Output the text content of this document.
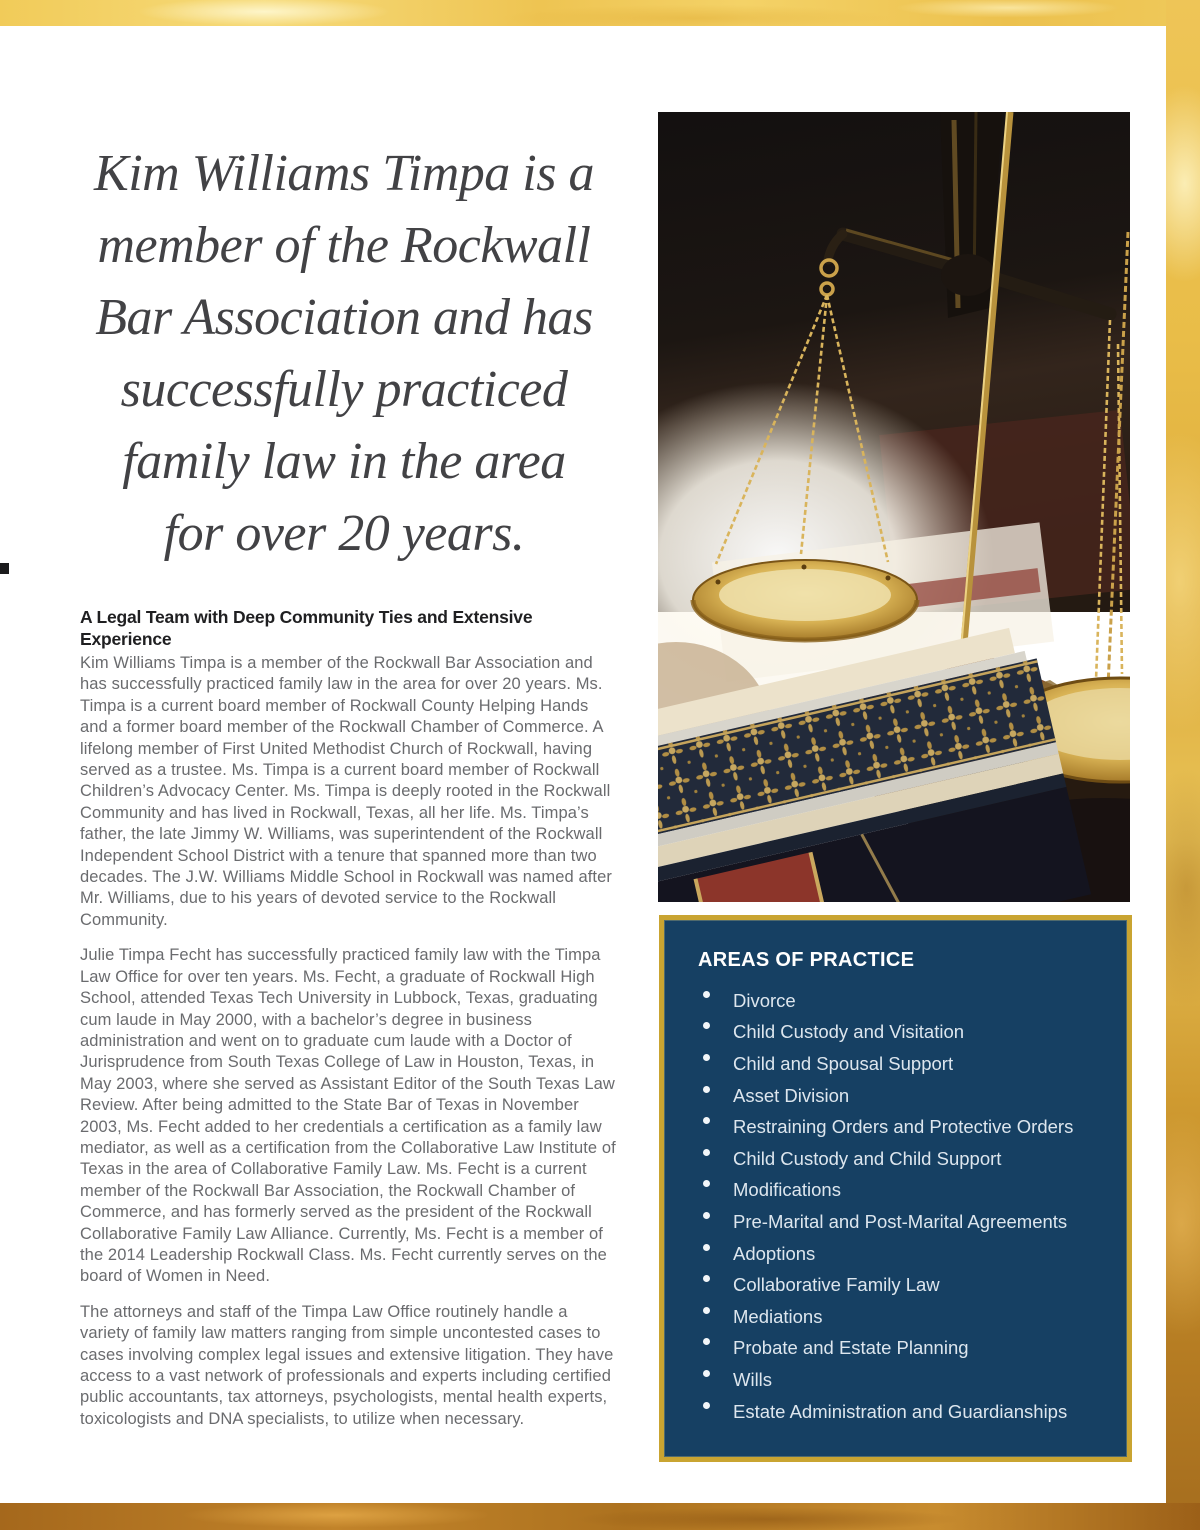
Kim Williams Timpa is a
member of the Rockwall
Bar Association and has
successfully practiced
family law in the area
for over 20 years.
A Legal Team with Deep Community Ties and Extensive Experience

Kim Williams Timpa is a member of the Rockwall Bar Association and has successfully practiced family law in the area for over 20 years. Ms. Timpa is a current board member of Rockwall County Helping Hands and a former board member of the Rockwall Chamber of Commerce. A lifelong member of First United Methodist Church of Rockwall, having served as a trustee. Ms. Timpa is a current board member of Rockwall Children’s Advocacy Center. Ms. Timpa is deeply rooted in the Rockwall Community and has lived in Rockwall, Texas, all her life. Ms. Timpa’s father, the late Jimmy W. Williams, was superintendent of the Rockwall Independent School District with a tenure that spanned more than two decades. The J.W. Williams Middle School in Rockwall was named after Mr. Williams, due to his years of devoted service to the Rockwall Community.

Julie Timpa Fecht has successfully practiced family law with the Timpa Law Office for over ten years. Ms. Fecht, a graduate of Rockwall High School, attended Texas Tech University in Lubbock, Texas, graduating cum laude in May 2000, with a bachelor’s degree in business administration and went on to graduate cum laude with a Doctor of Jurisprudence from South Texas College of Law in Houston, Texas, in May 2003, where she served as Assistant Editor of the South Texas Law Review. After being admitted to the State Bar of Texas in November 2003, Ms. Fecht added to her credentials a certification as a family law mediator, as well as a certification from the Collaborative Law Institute of Texas in the area of Collaborative Family Law. Ms. Fecht is a current member of the Rockwall Bar Association, the Rockwall Chamber of Commerce, and has formerly served as the president of the Rockwall Collaborative Family Law Alliance. Currently, Ms. Fecht is a member of the 2014 Leadership Rockwall Class. Ms. Fecht currently serves on the board of Women in Need.

The attorneys and staff of the Timpa Law Office routinely handle a variety of family law matters ranging from simple uncontested cases to cases involving complex legal issues and extensive litigation. They have access to a vast network of professionals and experts including certified public accountants, tax attorneys, psychologists, mental health experts, toxicologists and DNA specialists, to utilize when necessary.

AREAS OF PRACTICE
Divorce
Child Custody and Visitation
Child and Spousal Support
Asset Division
Restraining Orders and Protective Orders
Child Custody and Child Support
Modifications
Pre-Marital and Post-Marital Agreements
Adoptions
Collaborative Family Law
Mediations
Probate and Estate Planning
Wills
Estate Administration and Guardianships
